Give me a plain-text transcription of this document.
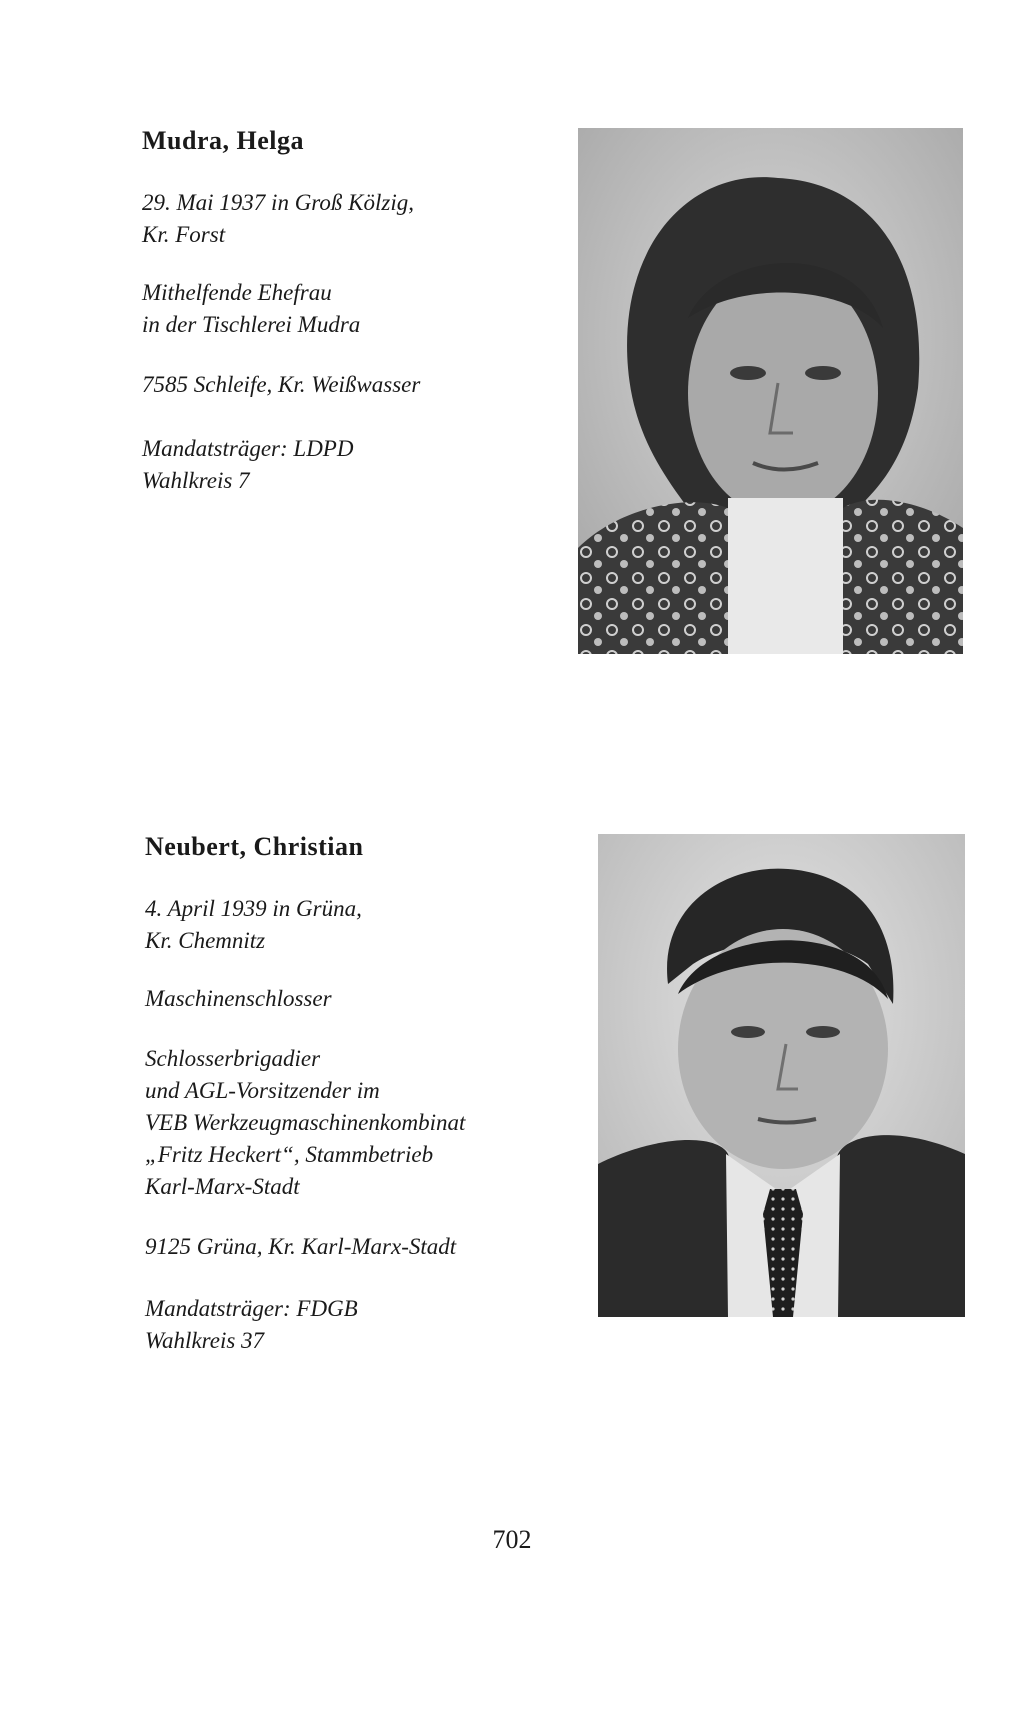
Mudra, Helga
29. Mai 1937 in Groß Kölzig,
Kr. Forst
Mithelfende Ehefrau
in der Tischlerei Mudra
7585 Schleife, Kr. Weißwasser
Mandatsträger: LDPD
Wahlkreis 7
Neubert, Christian
4. April 1939 in Grüna,
Kr. Chemnitz
Maschinenschlosser
Schlosserbrigadier
und AGL-Vorsitzender im
VEB Werkzeugmaschinenkombinat
„Fritz Heckert“, Stammbetrieb
Karl-Marx-Stadt
9125 Grüna, Kr. Karl-Marx-Stadt
Mandatsträger: FDGB
Wahlkreis 37
702
